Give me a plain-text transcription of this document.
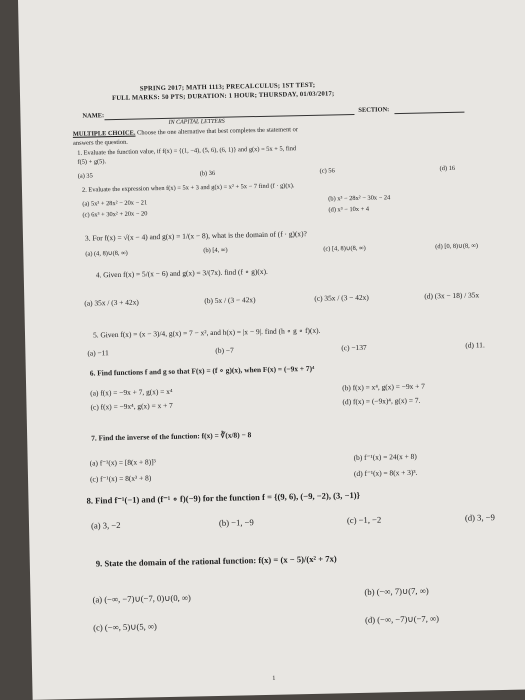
SPRING 2017; MATH 1113; PRECALCULUS; 1ST TEST;
FULL MARKS: 50 PTS; DURATION: 1 HOUR; THURSDAY, 01/03/2017;
NAME:
SECTION:
IN CAPITAL LETTERS
MULTIPLE CHOICE. Choose the one alternative that best completes the statement or
answers the question.
1. Evaluate the function value, if f(x) = {(1, −4), (5, 6), (6, 1)} and g(x) = 5x + 5, find
f(5) + g(5).
(a) 35	(b) 36	(c) 56	(d) 16
2. Evaluate the expression when f(x) = 5x + 3 and g(x) = x² + 5x − 7 find (f · g)(x).
(a) 5x³ + 28x² − 20x − 21
(b) x³ − 28x² − 30x − 24
(c) 6x³ + 30x² + 20x − 20
(d) x³ − 10x + 4
3. For f(x) = √(x − 4) and g(x) = 1/(x − 8), what is the domain of (f · g)(x)?
(a) (4, 8)∪(8, ∞)	(b) [4, ∞)	(c) [4, 8)∪(8, ∞)	(d) [0, 8)∪(8, ∞)
4. Given f(x) = 5/(x − 6) and g(x) = 3/(7x). find (f ∘ g)(x).
(a) 35x / (3 + 42x)	(b) 5x / (3 − 42x)	(c) 35x / (3 − 42x)	(d) (3x − 18) / 35x
5. Given f(x) = (x − 3)/4, g(x) = 7 − x², and h(x) = |x − 9|. find (h ∘ g ∘ f)(x).
(a) −11	(b) −7	(c) −137	(d) 11.
6. Find functions f and g so that F(x) = (f ∘ g)(x), when F(x) = (−9x + 7)⁴
(a) f(x) = −9x + 7, g(x) = x⁴	(b) f(x) = x⁴, g(x) = −9x + 7
(c) f(x) = −9x⁴, g(x) = x + 7	(d) f(x) = (−9x)⁴, g(x) = 7.
7. Find the inverse of the function: f(x) = ∛(x/8) − 8
(a) f⁻¹(x) = [8(x + 8)]³
(b) f⁻¹(x) = 24(x + 8)
(c) f⁻¹(x) = 8(x³ + 8)
(d) f⁻¹(x) = 8(x + 3)³.
8. Find f⁻¹(−1) and (f⁻¹ ∘ f)(−9) for the function f = {(9, 6), (−9, −2), (3, −1)}
(a) 3, −2	(b) −1, −9	(c) −1, −2	(d) 3, −9
9. State the domain of the rational function: f(x) = (x − 5)/(x² + 7x)
(a) (−∞, −7)∪(−7, 0)∪(0, ∞)
(b) (−∞, 7)∪(7, ∞)
(c) (−∞, 5)∪(5, ∞)
(d) (−∞, −7)∪(−7, ∞)
1
